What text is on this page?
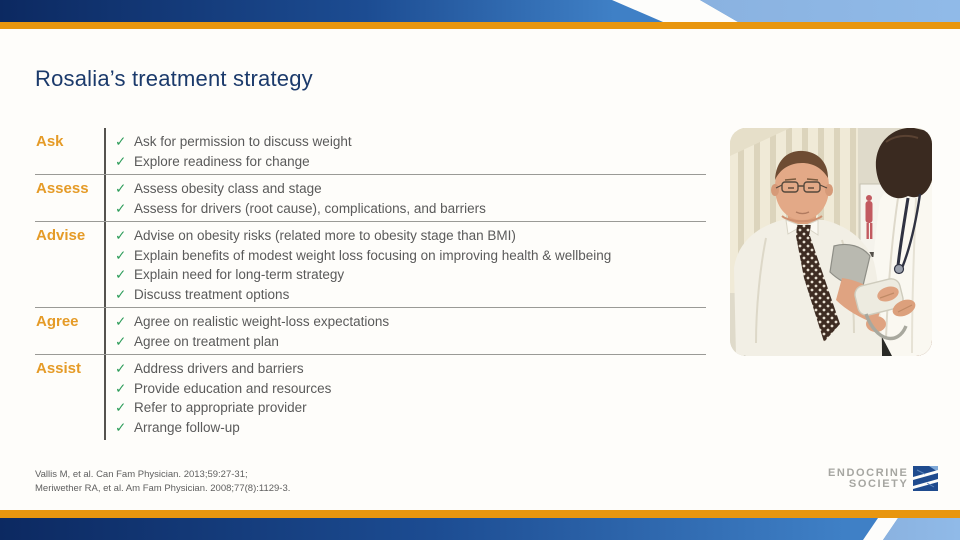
Rosalia’s treatment strategy
Ask	✓ Ask for permission to discuss weight
✓ Explore readiness for change
Assess	✓ Assess obesity class and stage
✓ Assess for drivers (root cause), complications, and barriers
Advise	✓ Advise on obesity risks (related more to obesity stage than BMI)
✓ Explain benefits of modest weight loss focusing on improving health & wellbeing
✓ Explain need for long-term strategy
✓ Discuss treatment options
Agree	✓ Agree on realistic weight-loss expectations
✓ Agree on treatment plan
Assist	✓ Address drivers and barriers
✓ Provide education and resources
✓ Refer to appropriate provider
✓ Arrange follow-up
Vallis M, et al. Can Fam Physician. 2013;59:27-31;
Meriwether RA, et al. Am Fam Physician. 2008;77(8):1129-3.
ENDOCRINE
SOCIETY
